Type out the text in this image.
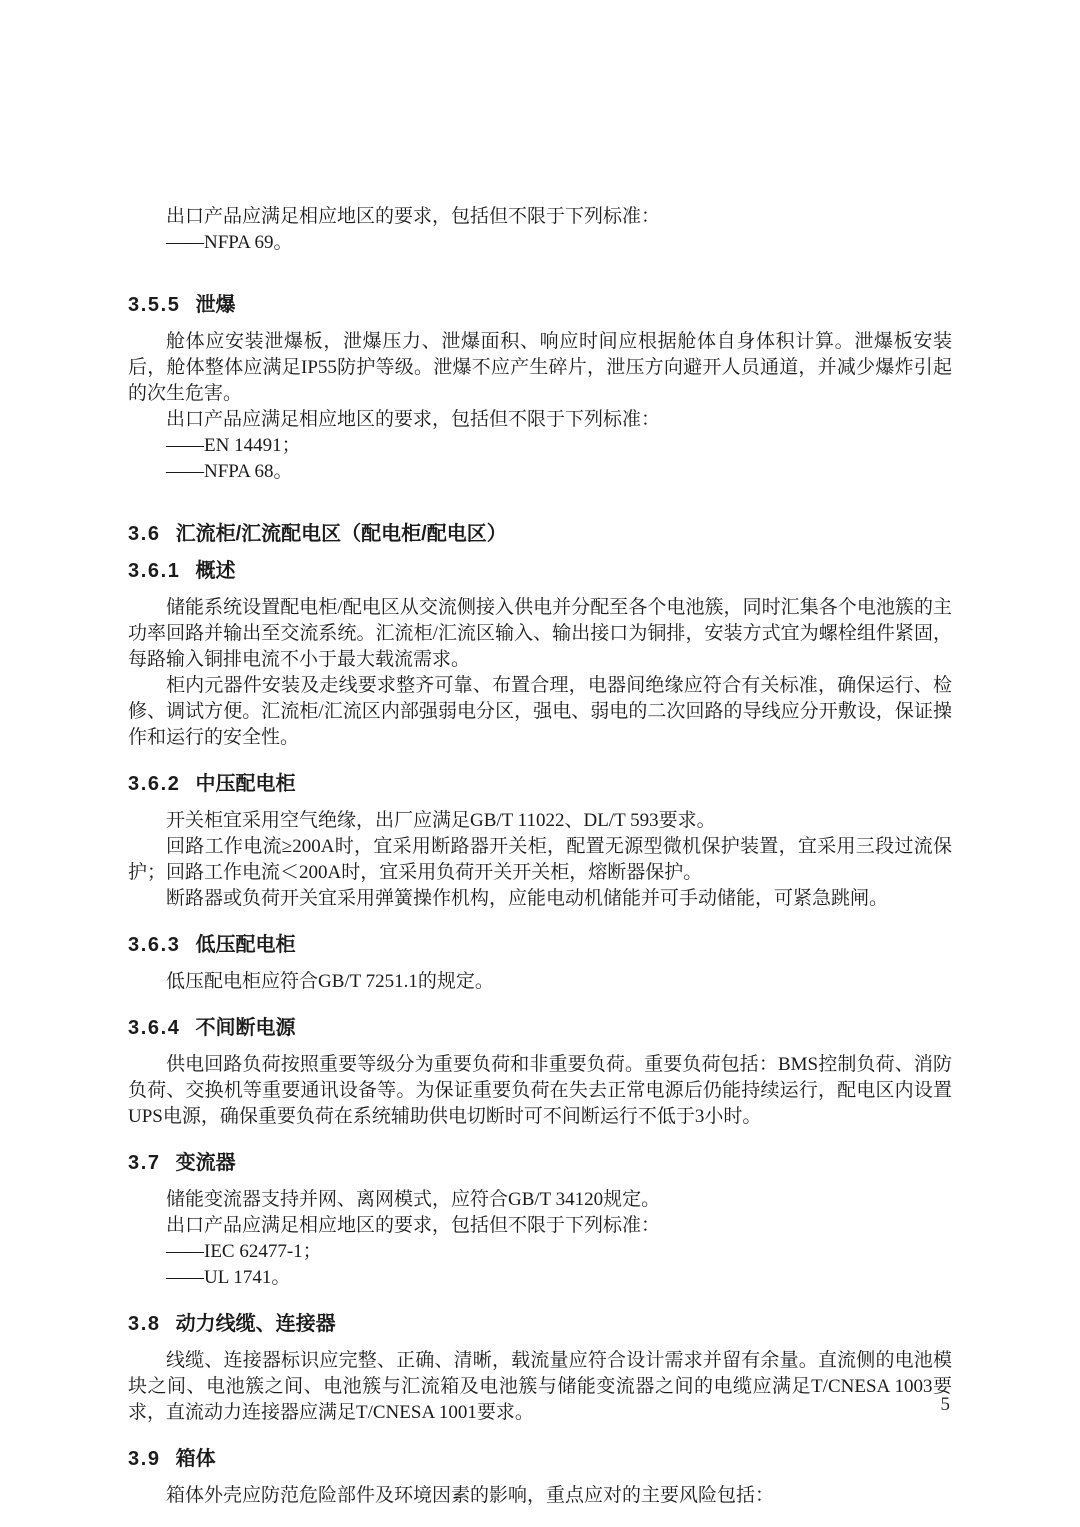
出口产品应满足相应地区的要求，包括但不限于下列标准：

——NFPA 69。

3.5.5 泄爆

舱体应安装泄爆板，泄爆压力、泄爆面积、响应时间应根据舱体自身体积计算。泄爆板安装后，舱体整体应满足IP55防护等级。泄爆不应产生碎片，泄压方向避开人员通道，并减少爆炸引起的次生危害。

出口产品应满足相应地区的要求，包括但不限于下列标准：

——EN 14491；

——NFPA 68。

3.6 汇流柜/汇流配电区（配电柜/配电区）
3.6.1 概述

储能系统设置配电柜/配电区从交流侧接入供电并分配至各个电池簇，同时汇集各个电池簇的主功率回路并输出至交流系统。汇流柜/汇流区输入、输出接口为铜排，安装方式宜为螺栓组件紧固，每路输入铜排电流不小于最大载流需求。

柜内元器件安装及走线要求整齐可靠、布置合理，电器间绝缘应符合有关标准，确保运行、检修、调试方便。汇流柜/汇流区内部强弱电分区，强电、弱电的二次回路的导线应分开敷设，保证操作和运行的安全性。

3.6.2 中压配电柜

开关柜宜采用空气绝缘，出厂应满足GB/T 11022、DL/T 593要求。

回路工作电流≥200A时，宜采用断路器开关柜，配置无源型微机保护装置，宜采用三段过流保护；回路工作电流＜200A时，宜采用负荷开关开关柜，熔断器保护。

断路器或负荷开关宜采用弹簧操作机构，应能电动机储能并可手动储能，可紧急跳闸。

3.6.3 低压配电柜

低压配电柜应符合GB/T 7251.1的规定。

3.6.4 不间断电源

供电回路负荷按照重要等级分为重要负荷和非重要负荷。重要负荷包括：BMS控制负荷、消防负荷、交换机等重要通讯设备等。为保证重要负荷在失去正常电源后仍能持续运行，配电区内设置UPS电源，确保重要负荷在系统辅助供电切断时可不间断运行不低于3小时。

3.7 变流器

储能变流器支持并网、离网模式，应符合GB/T 34120规定。

出口产品应满足相应地区的要求，包括但不限于下列标准：

——IEC 62477-1；

——UL 1741。

3.8 动力线缆、连接器

线缆、连接器标识应完整、正确、清晰，载流量应符合设计需求并留有余量。直流侧的电池模块之间、电池簇之间、电池簇与汇流箱及电池簇与储能变流器之间的电缆应满足T/CNESA 1003要求，直流动力连接器应满足T/CNESA 1001要求。

3.9 箱体

箱体外壳应防范危险部件及环境因素的影响，重点应对的主要风险包括：

5
